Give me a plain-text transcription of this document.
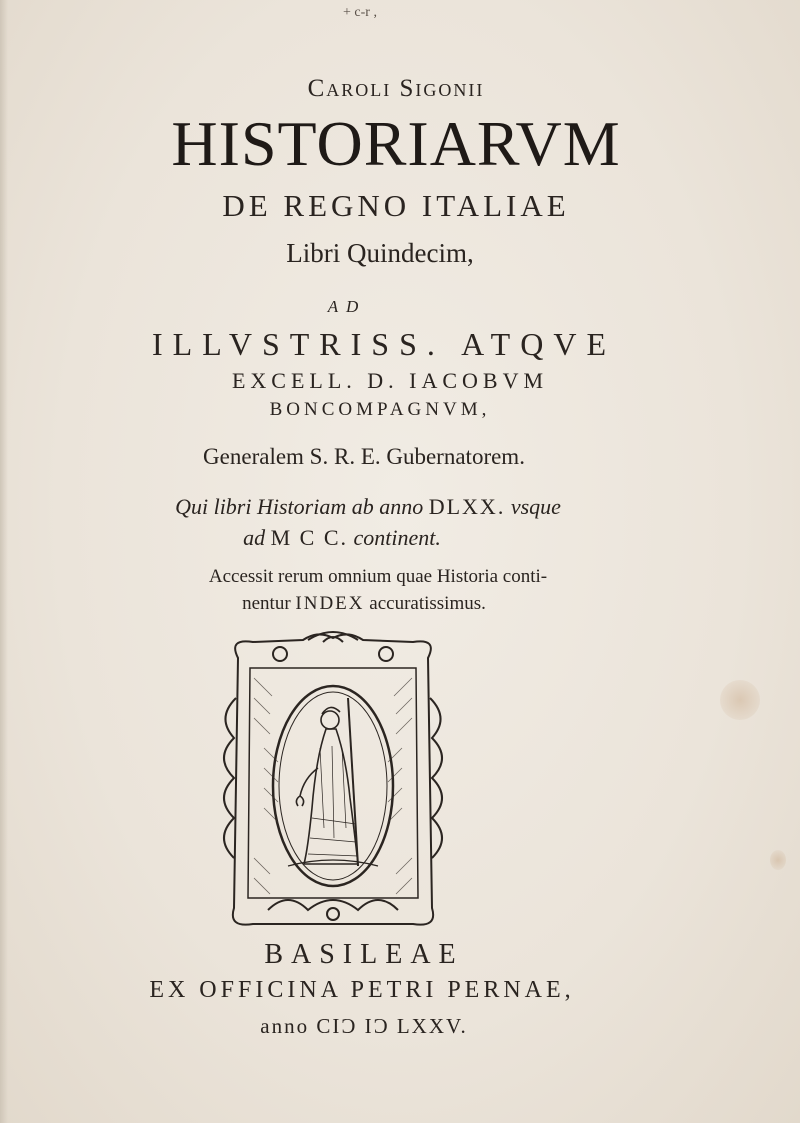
+ c-r ,
Caroli Sigonii
HISTORIARVM
DE REGNO ITALIAE
Libri Quindecim,
A D
ILLVSTRISS. ATQVE
EXCELL. D. IACOBVM
BONCOMPAGNVM,
Generalem S. R. E. Gubernatorem.
Qui libri Historiam ab anno DLXX. vsque
ad M C C. continent.
Accessit rerum omnium quae Historia conti-
nentur INDEX accuratissimus.
BASILEAE
EX OFFICINA PETRI PERNAE,
anno CIƆ IƆ LXXV.
